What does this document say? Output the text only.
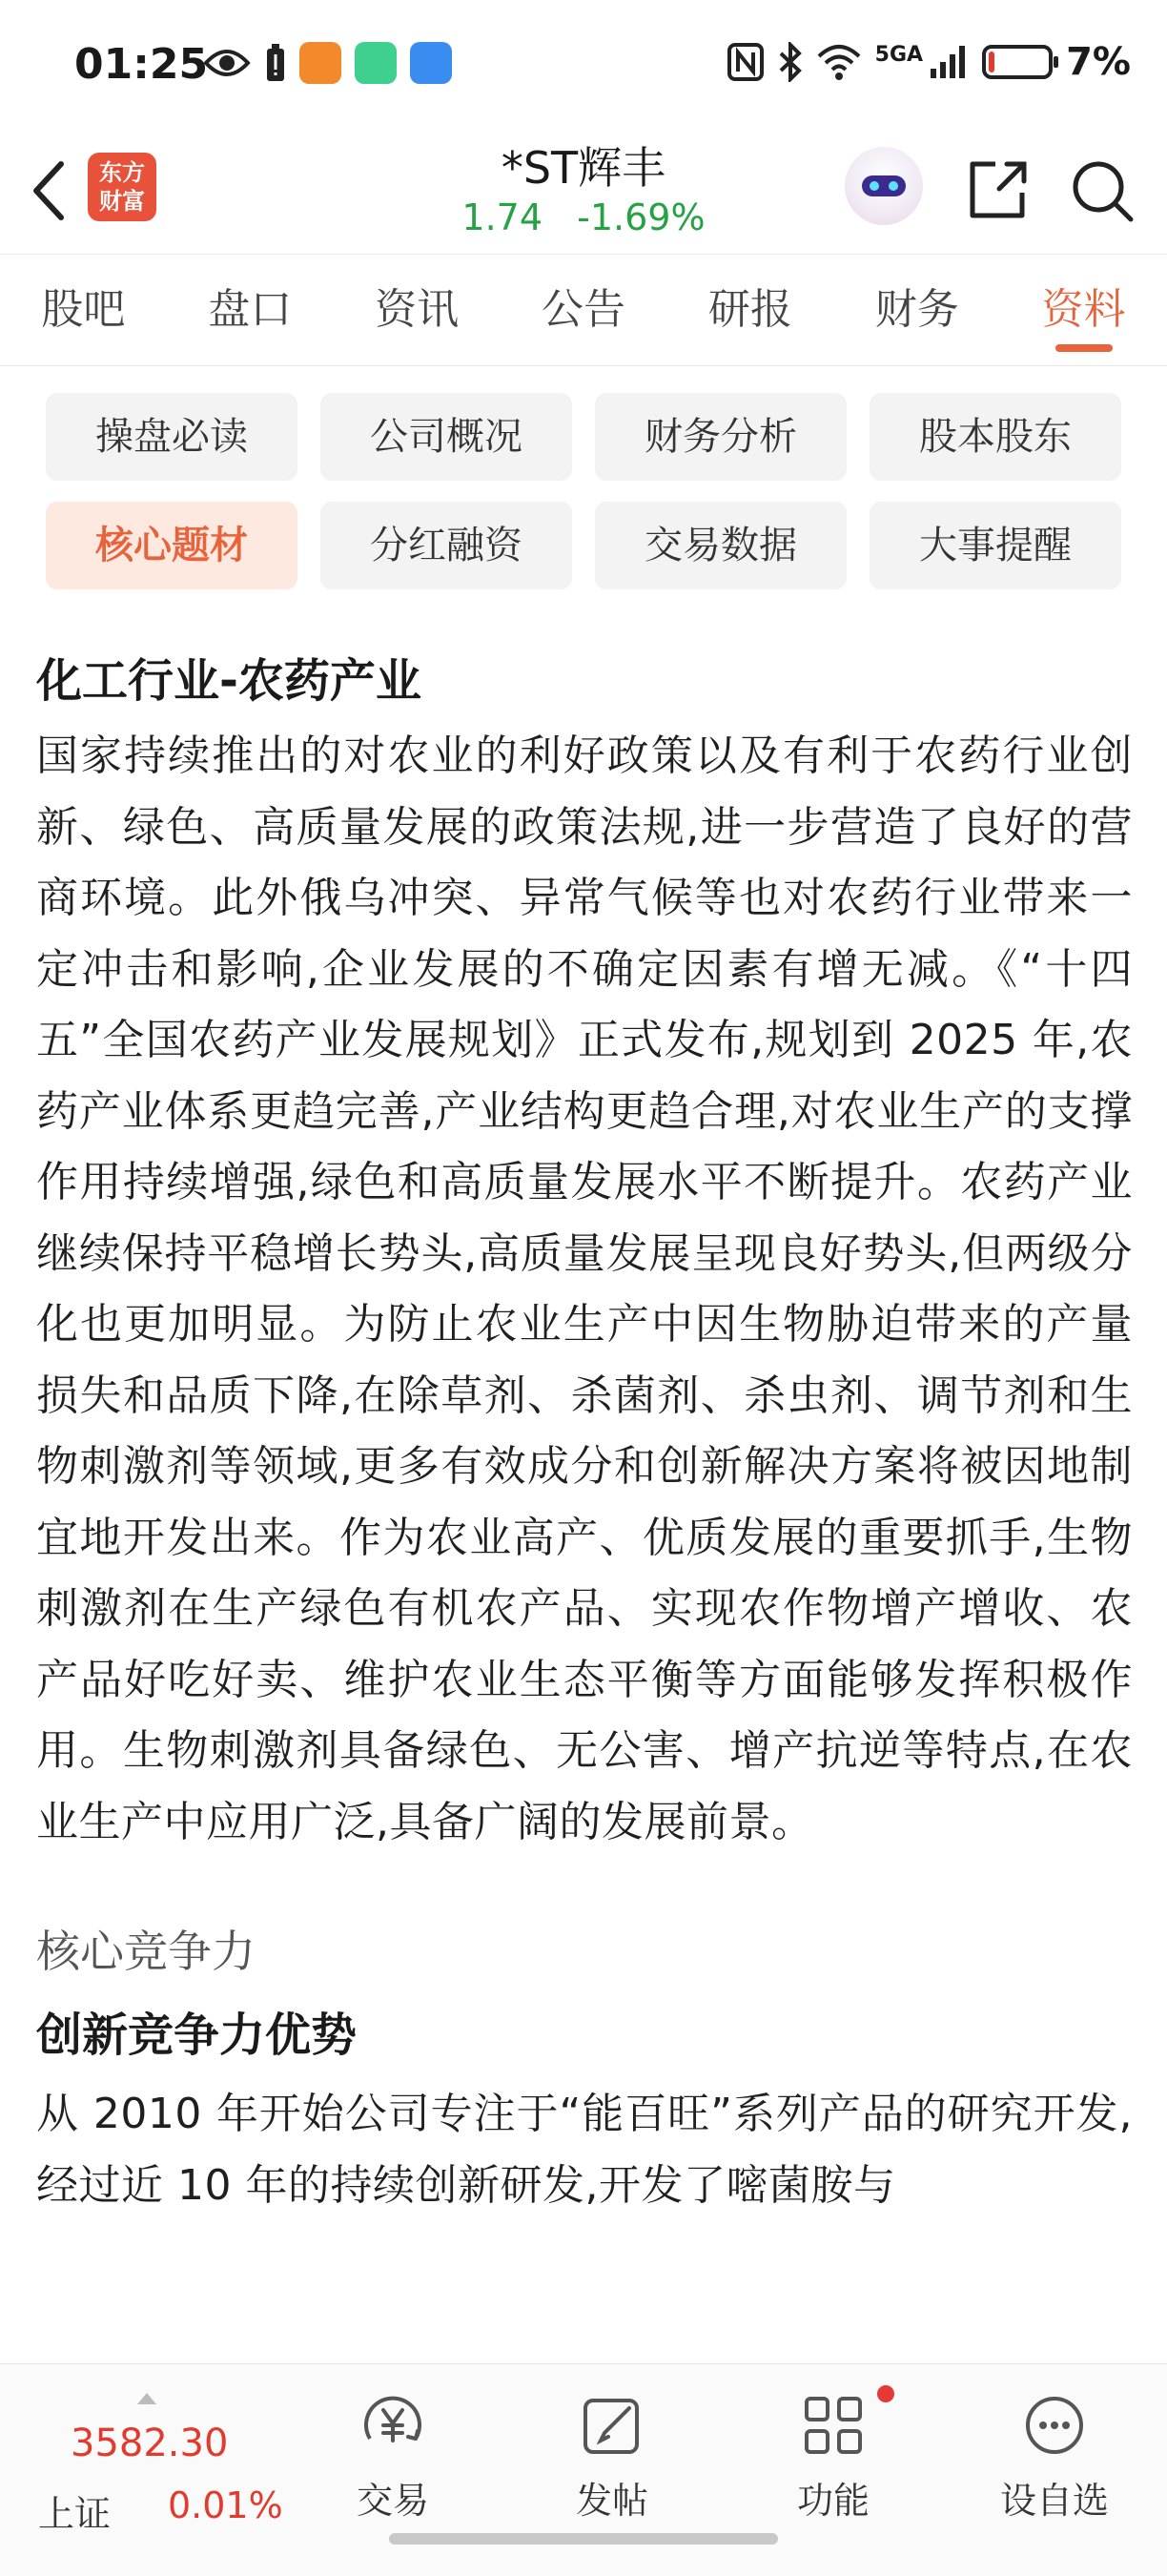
01:25	5GA	7%
东方财富
*ST辉丰
1.74 -1.69%
股吧	盘口	资讯	公告	研报	财务	资料
操盘必读	公司概况	财务分析	股本股东
核心题材	分红融资	交易数据	大事提醒
化工行业-农药产业

国家持续推出的对农业的利好政策以及有利于农药行业创新、绿色、高质量发展的政策法规,进一步营造了良好的营商环境。此外俄乌冲突、异常气候等也对农药行业带来一定冲击和影响,企业发展的不确定因素有增无减。《“十四五”全国农药产业发展规划》正式发布,规划到 2025 年,农药产业体系更趋完善,产业结构更趋合理,对农业生产的支撑作用持续增强,绿色和高质量发展水平不断提升。农药产业继续保持平稳增长势头,高质量发展呈现良好势头,但两级分化也更加明显。为防止农业生产中因生物胁迫带来的产量损失和品质下降,在除草剂、杀菌剂、杀虫剂、调节剂和生物刺激剂等领域,更多有效成分和创新解决方案将被因地制宜地开发出来。作为农业高产、优质发展的重要抓手,生物刺激剂在生产绿色有机农产品、实现农作物增产增收、农产品好吃好卖、维护农业生态平衡等方面能够发挥积极作用。生物刺激剂具备绿色、无公害、增产抗逆等特点,在农业生产中应用广泛,具备广阔的发展前景。

核心竞争力
创新竞争力优势

从 2010 年开始公司专注于“能百旺”系列产品的研究开发,经过近 10 年的持续创新研发,开发了嘧菌胺与

3582.30
上证 0.01%	交易	发帖	功能	设自选
